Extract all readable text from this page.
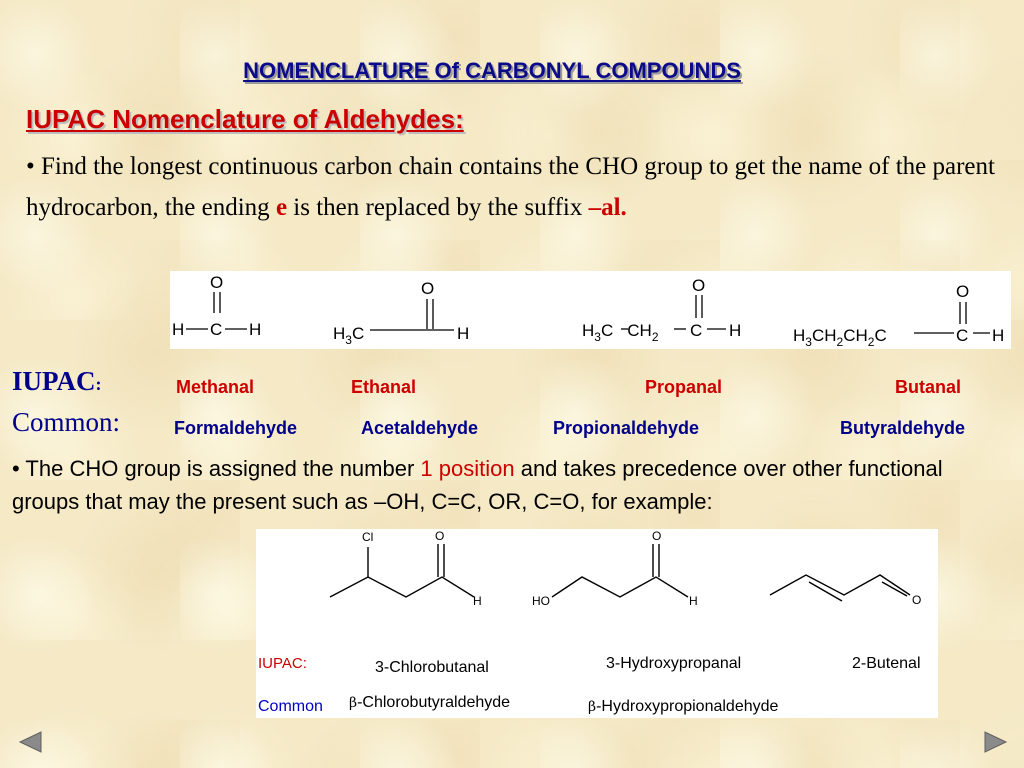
NOMENCLATURE Of CARBONYL COMPOUNDS
IUPAC Nomenclature of Aldehydes:
• Find the longest continuous carbon chain contains the CHO group to get the name of the parent hydrocarbon, the ending e is then replaced by the suffix –al.
O
H C H
O
$H_3C$	H
O
$H_3C$ $CH_2$ C H
O
$H_3CH_2CH_2C$	C H
IUPAC:
Common:
Methanal	Ethanal	Propanal	Butanal
Formaldehyde	Acetaldehyde	Propionaldehyde	Butyraldehyde
• The CHO group is assigned the number 1 position and takes precedence over other functional groups that may the present such as –OH, C=C, OR, C=O, for example:
Cl	O
H	HO
O
H	O
IUPAC:	3-Chlorobutanal	3-Hydroxypropanal	2-Butenal
Common β-Chlorobutyraldehyde	β-Hydroxypropionaldehyde
